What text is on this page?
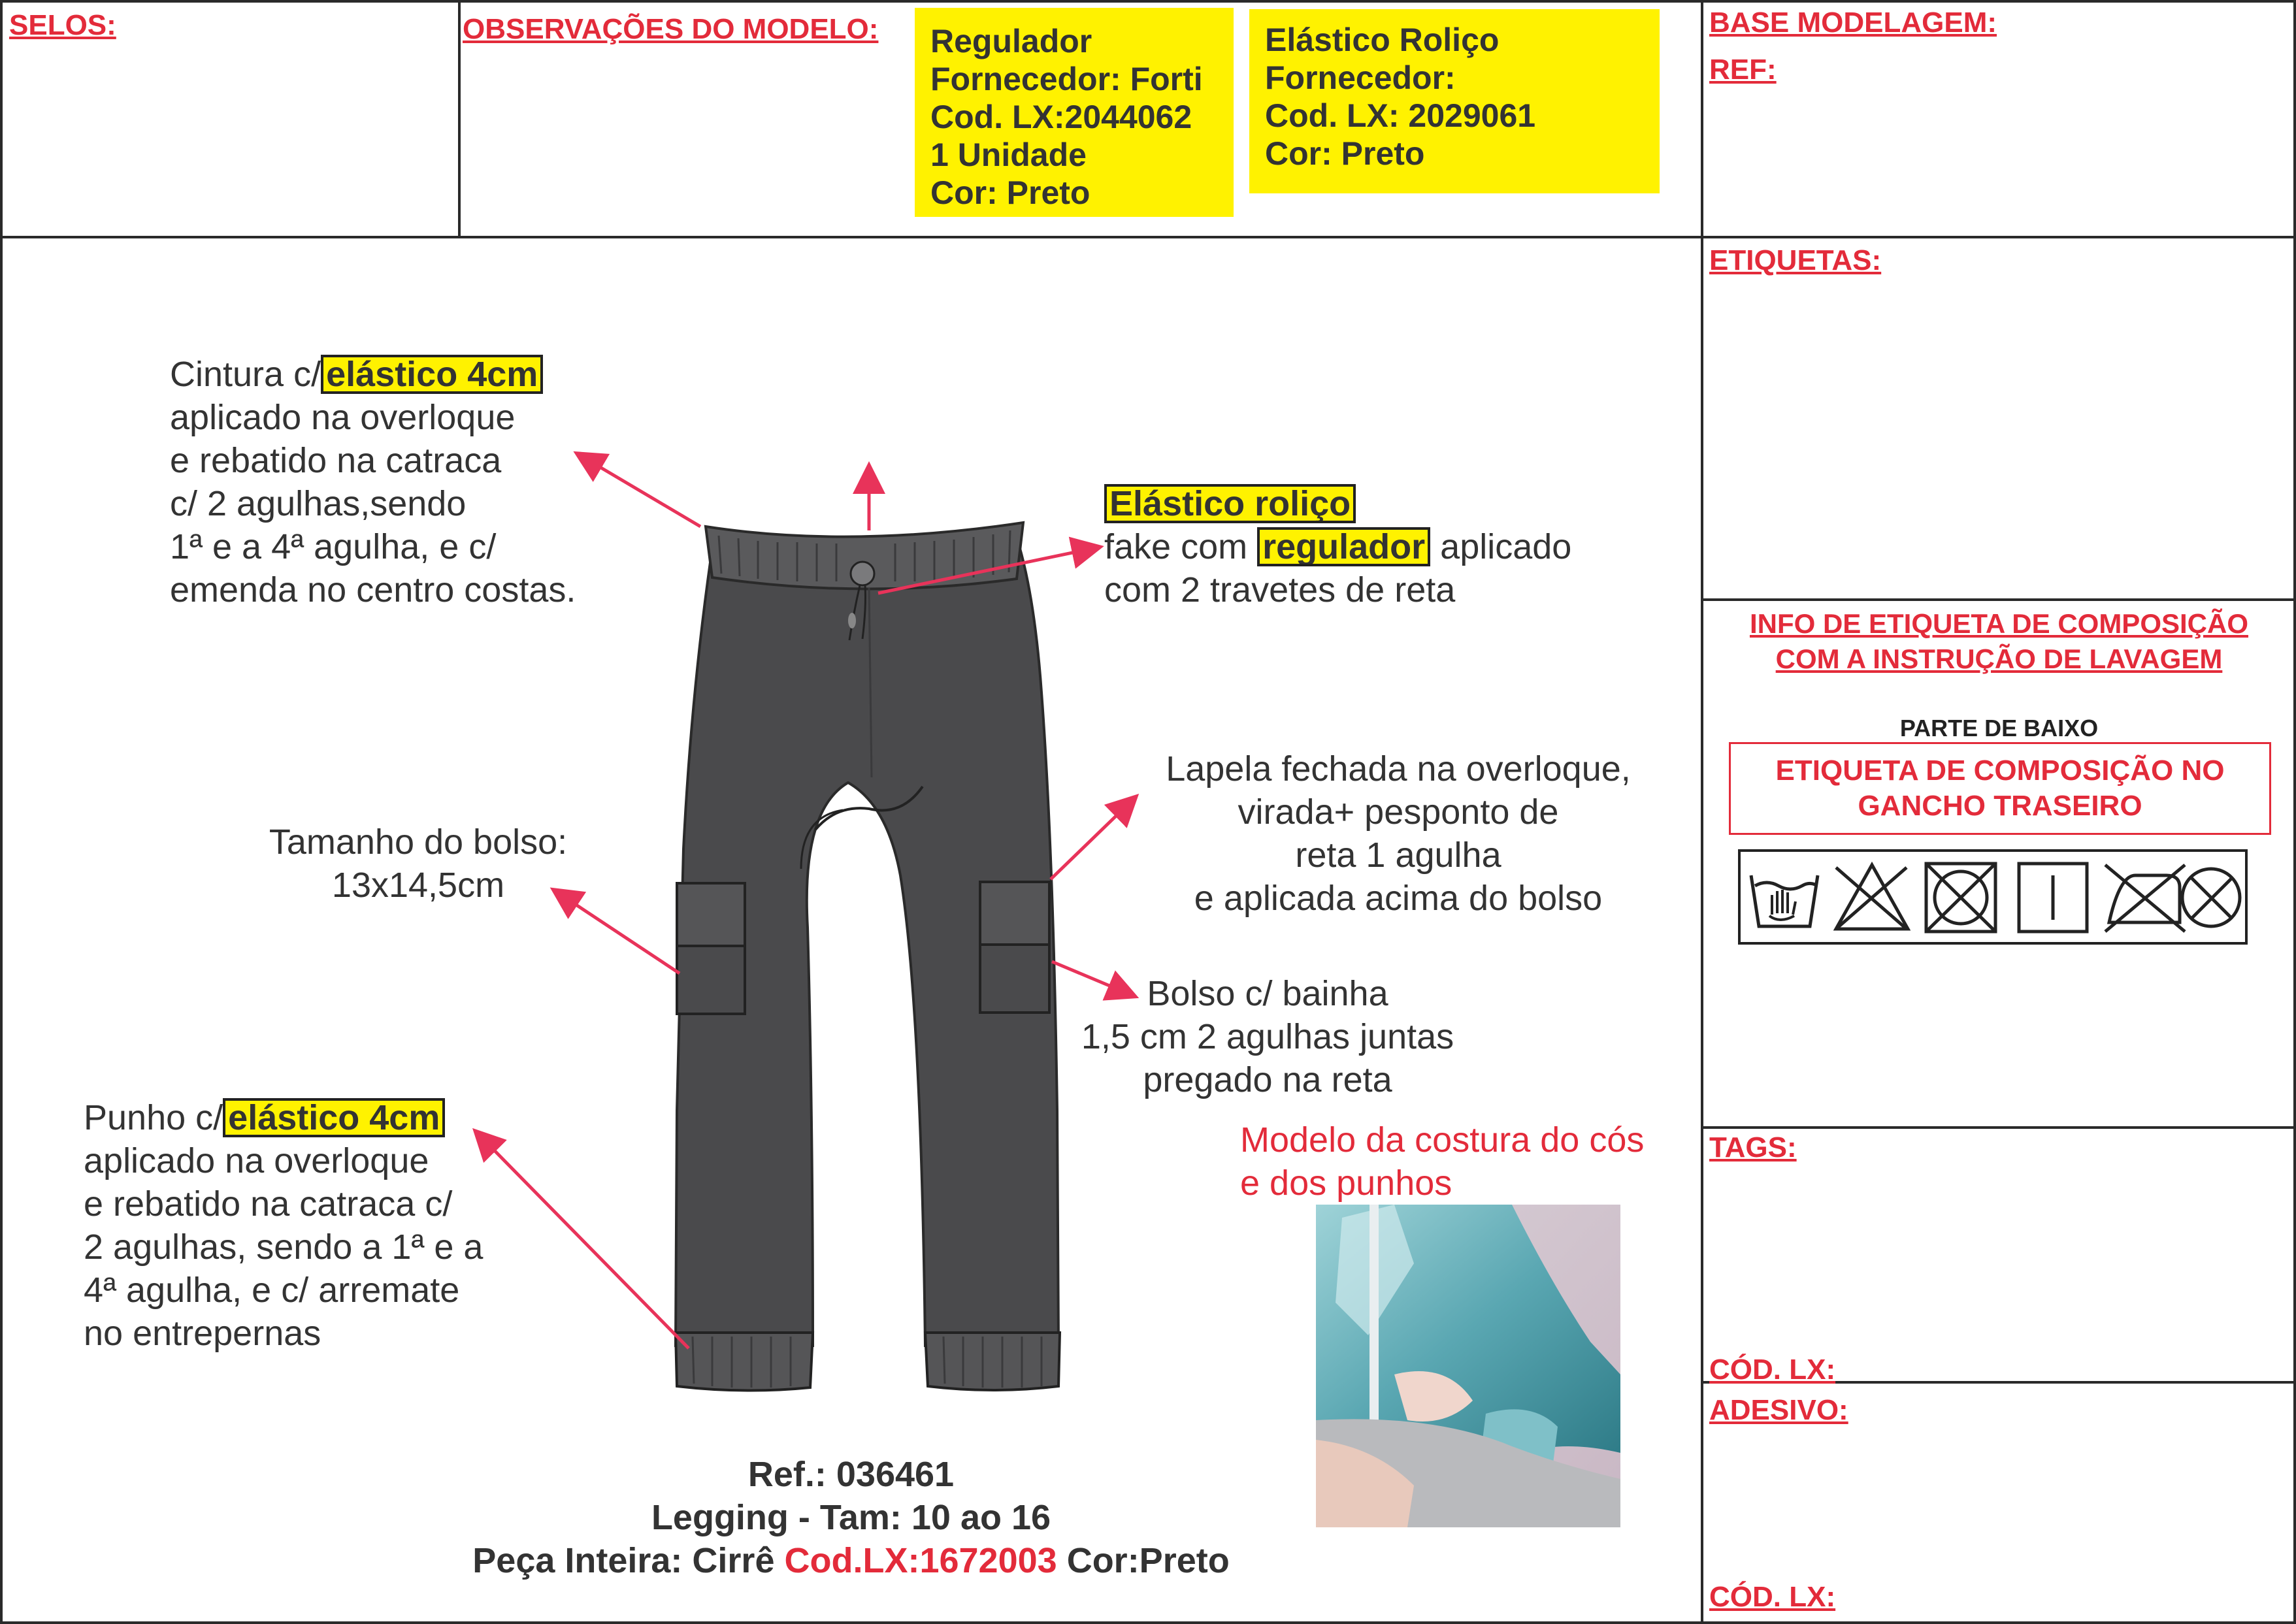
SELOS:	OBSERVAÇÕES DO MODELO: Regulador
Fornecedor: Forti
Cod. LX:2044062
1 Unidade
Cor: Preto
Elástico Roliço
Fornecedor:
Cod. LX: 2029061
Cor: Preto
BASE MODELAGEM:
REF:
ETIQUETAS:
INFO DE ETIQUETA DE COMPOSIÇÃO
COM A INSTRUÇÃO DE LAVAGEM
PARTE DE BAIXO
ETIQUETA DE COMPOSIÇÃO NO
GANCHO TRASEIRO
TAGS:
CÓD. LX:
ADESIVO:
CÓD. LX:
Cintura c/ elástico 4cm
aplicado na overloque
e rebatido na catraca
c/ 2 agulhas,sendo
1ª e a 4ª agulha, e c/
emenda no centro costas.
Elástico roliço
fake com regulador aplicado
com 2 travetes de reta
Lapela fechada na overloque,
virada+ pesponto de
reta 1 agulha
e aplicada acima do bolso
Tamanho do bolso:
13x14,5cm
Bolso c/ bainha
1,5 cm 2 agulhas juntas
pregado na reta
Punho c/ elástico 4cm
aplicado na overloque
e rebatido na catraca c/
2 agulhas, sendo a 1ª e a
4ª agulha, e c/ arremate
no entrepernas
Modelo da costura do cós
e dos punhos
Ref.: 036461
Legging - Tam: 10 ao 16
Peça Inteira: Cirrê Cod.LX:1672003 Cor:Preto
